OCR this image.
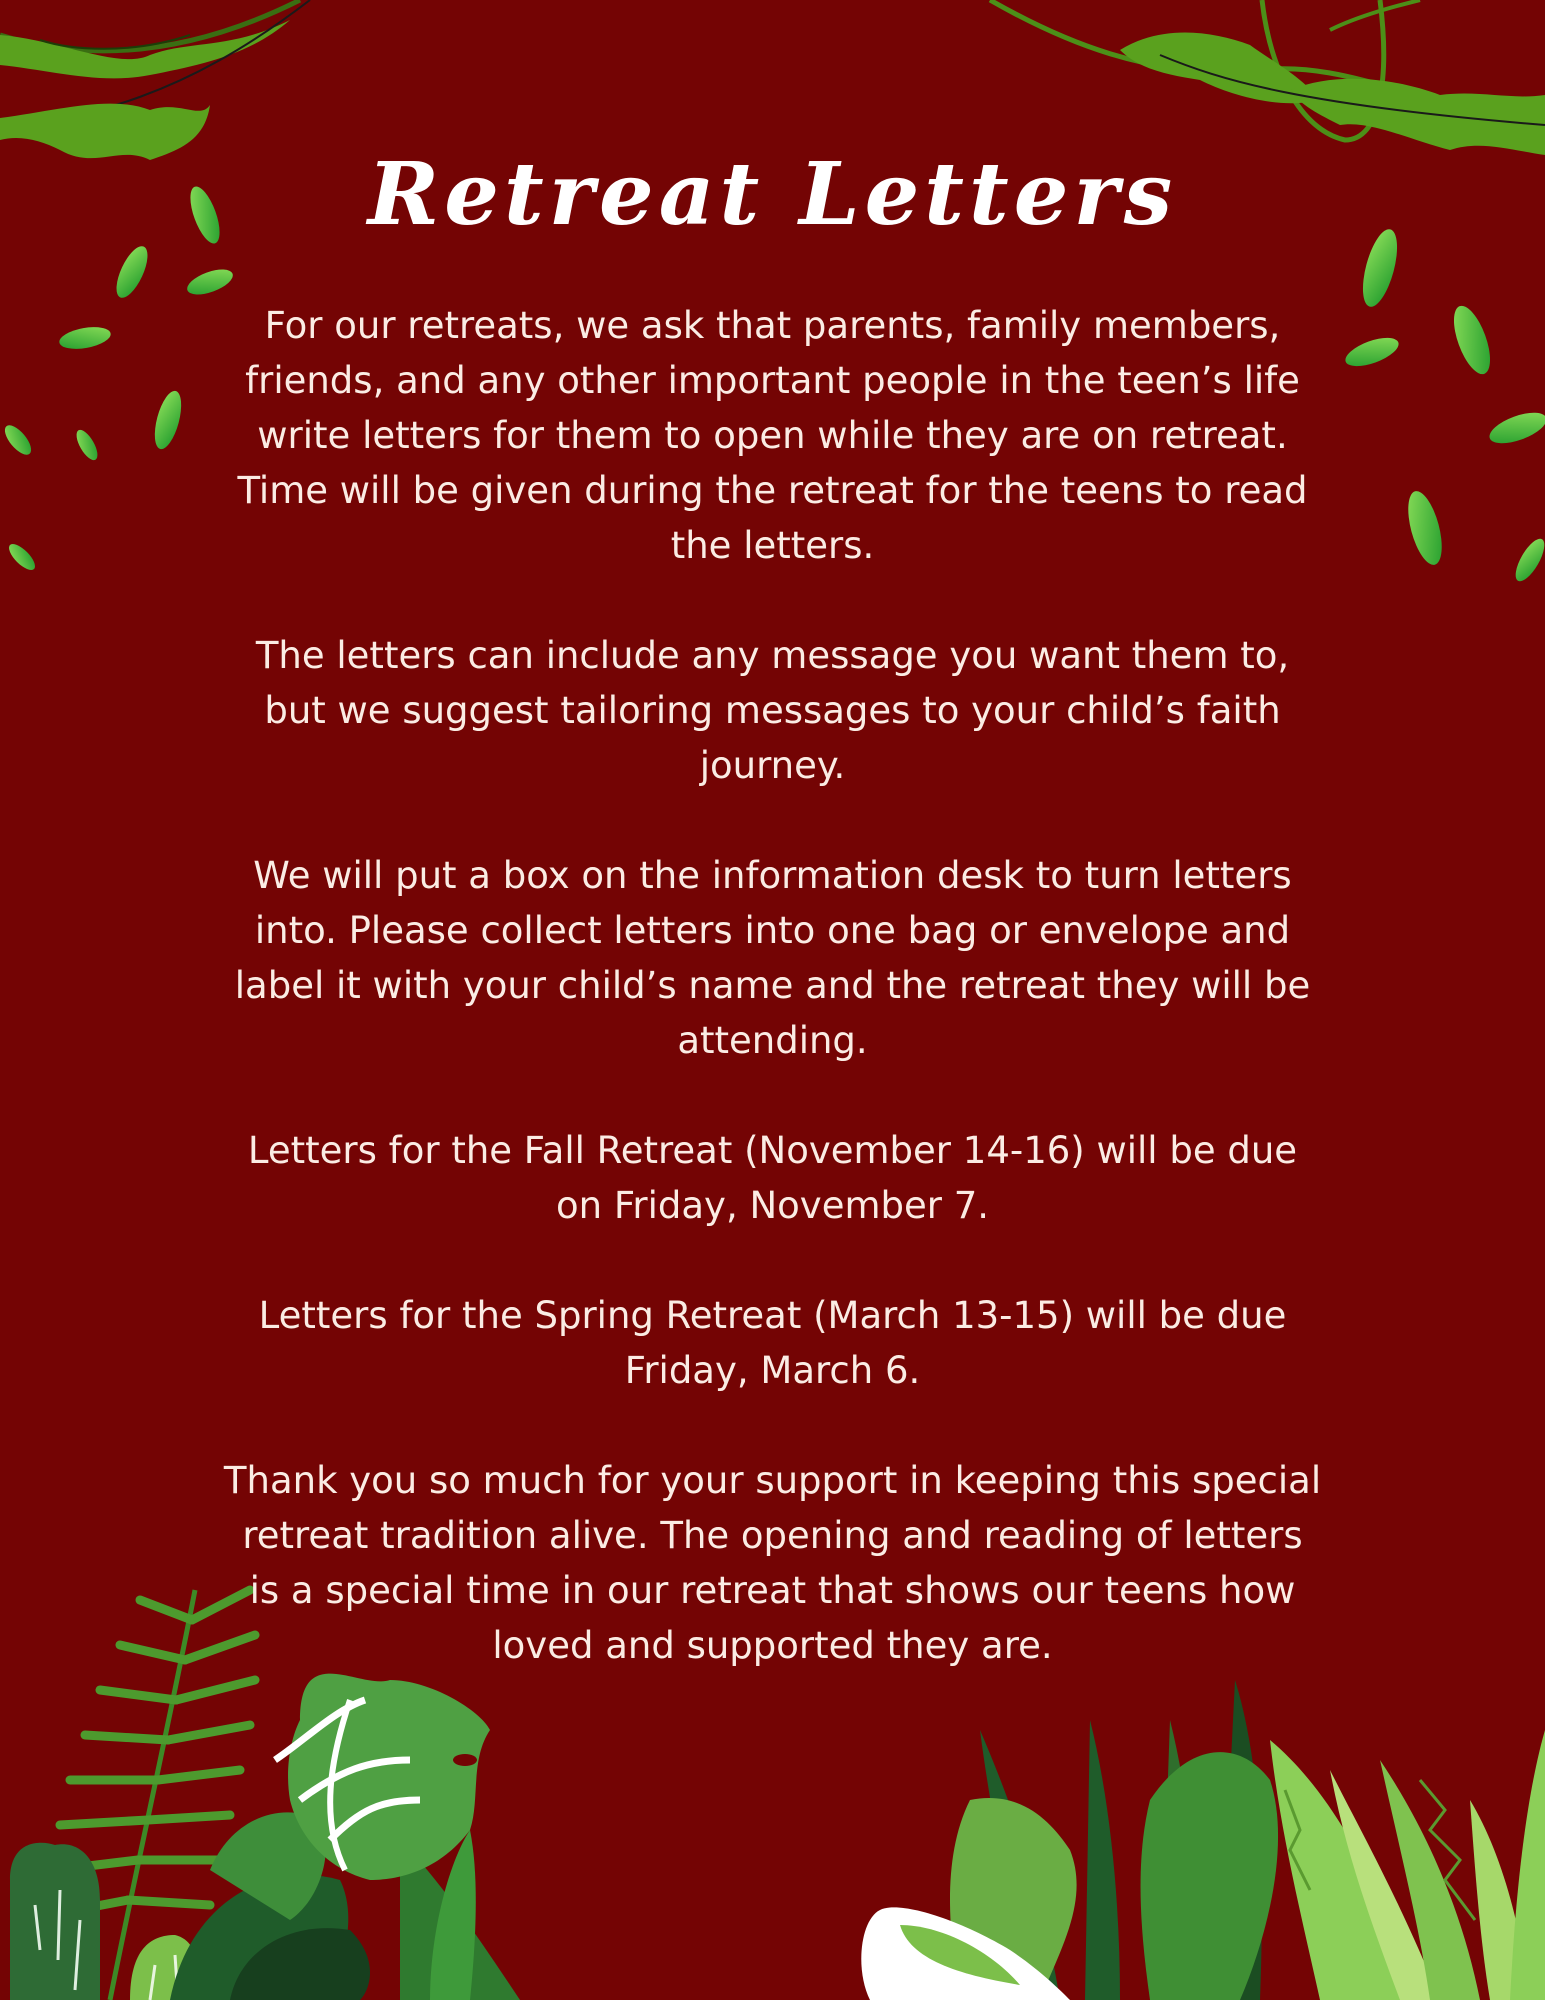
Retreat Letters

For our retreats, we ask that parents, family members, friends, and any other important people in the teen’s life write letters for them to open while they are on retreat. Time will be given during the retreat for the teens to read the letters.

The letters can include any message you want them to, but we suggest tailoring messages to your child’s faith journey.

We will put a box on the information desk to turn letters into. Please collect letters into one bag or envelope and label it with your child’s name and the retreat they will be attending.

Letters for the Fall Retreat (November 14-16) will be due on Friday, November 7.

Letters for the Spring Retreat (March 13-15) will be due Friday, March 6.

Thank you so much for your support in keeping this special retreat tradition alive. The opening and reading of letters is a special time in our retreat that shows our teens how loved and supported they are.
